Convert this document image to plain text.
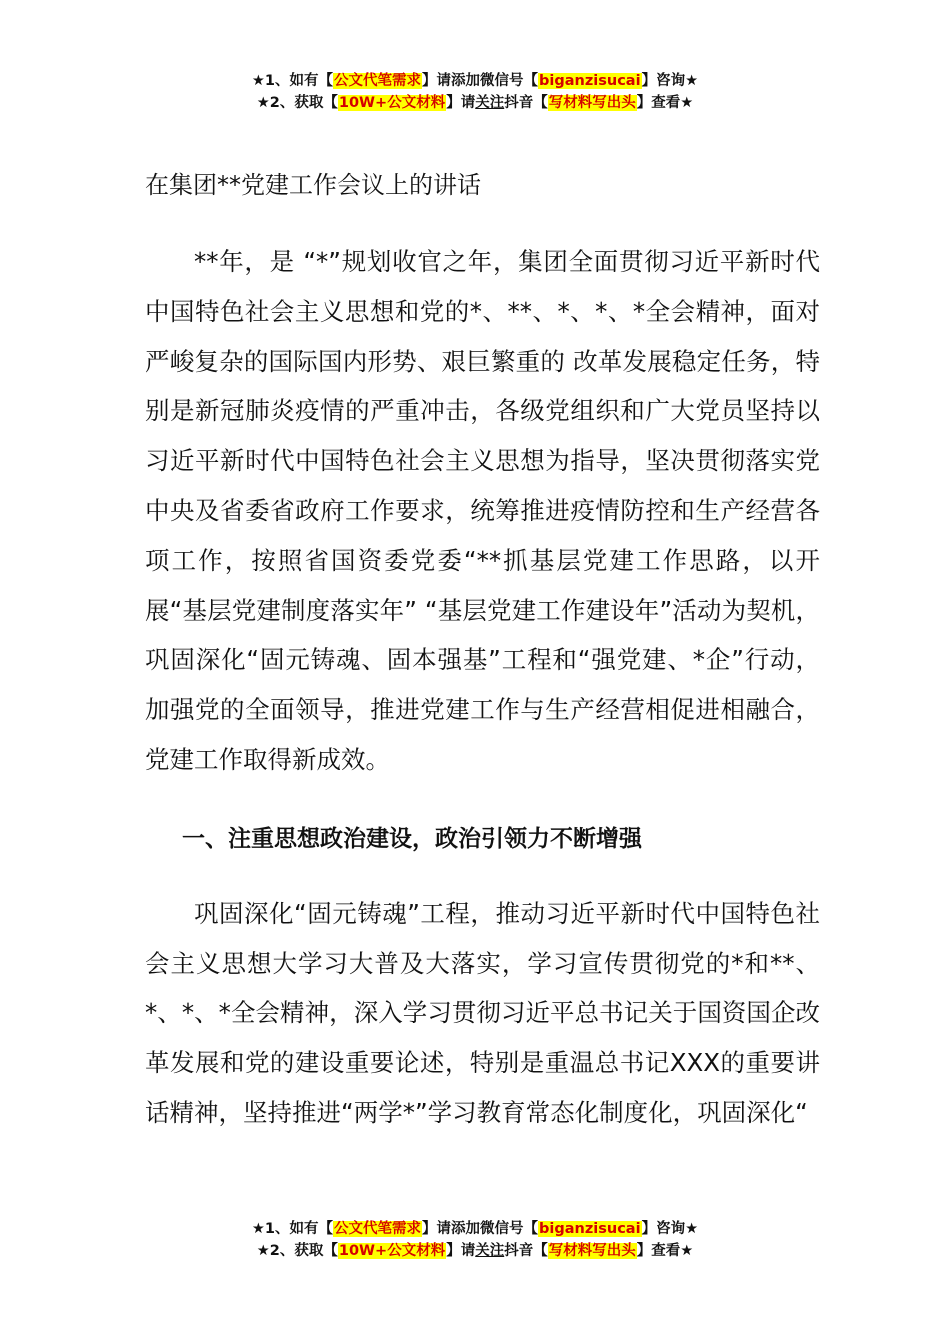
★1、如有【公文代笔需求】请添加微信号【biganzisucai】咨询★
★2、获取【10W+公文材料】请关注抖音【写材料写出头】查看★
在集团**党建工作会议上的讲话

**年，是 “*”规划收官之年，集团全面贯彻习近平新时代中国特色社会主义思想和党的*、**、*、*、*全会精神，面对严峻复杂的国际国内形势、艰巨繁重的 改革发展稳定任务，特别是新冠肺炎疫情的严重冲击，各级党组织和广大党员坚持以习近平新时代中国特色社会主义思想为指导，坚决贯彻落实党中央及省委省政府工作要求，统筹推进疫情防控和生产经营各项工作，按照省国资委党委“**抓基层党建工作思路，以开展“基层党建制度落实年” “基层党建工作建设年”活动为契机，巩固深化“固元铸魂、固本强基”工程和“强党建、*企”行动，加强党的全面领导，推进党建工作与生产经营相促进相融合，党建工作取得新成效。

一、注重思想政治建设，政治引领力不断增强

巩固深化“固元铸魂”工程，推动习近平新时代中国特色社会主义思想大学习大普及大落实，学习宣传贯彻党的*和**、*、*、*全会精神，深入学习贯彻习近平总书记关于国资国企改革发展和党的建设重要论述，特别是重温总书记XXX的重要讲话精神，坚持推进“两学*”学习教育常态化制度化，巩固深化“

★1、如有【公文代笔需求】请添加微信号【biganzisucai】咨询★
★2、获取【10W+公文材料】请关注抖音【写材料写出头】查看★
